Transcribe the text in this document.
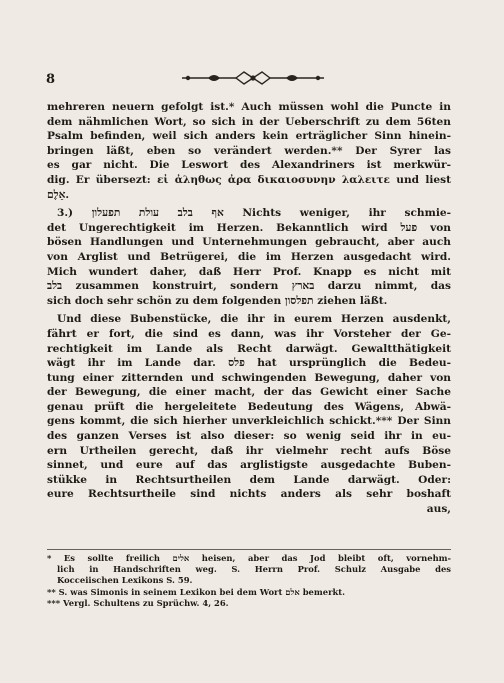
8
mehreren neuern gefolgt ist.* Auch müssen wohl die Puncte in
dem nähmlichen Wort, so sich in der Ueberschrift zu dem 56ten
Psalm befinden, weil sich anders kein erträglicher Sinn hinein-
bringen läßt, eben so verändert werden.** Der Syrer las
es gar nicht. Die Leswort des Alexandriners ist merkwür-
dig. Er übersezt: εἰ ἀληθως ἀρα δικαιοσυνην λαλειτε und liest
אֵלֶם.
3.) אף בלב עולת תפעלון Nichts weniger, ihr schmie-
det Ungerechtigkeit im Herzen. Bekanntlich wird פעל von
bösen Handlungen und Unternehmungen gebraucht, aber auch
von Arglist und Betrügerei, die im Herzen ausgedacht wird.
Mich wundert daher, daß Herr Prof. Knapp es nicht mit
בלב zusammen konstruirt, sondern בארץ darzu nimmt, das
sich doch sehr schön zu dem folgenden תפלסון ziehen läßt.
Und diese Bubenstücke, die ihr in eurem Herzen ausdenkt,
fährt er fort, die sind es dann, was ihr Vorsteher der Ge-
rechtigkeit im Lande als Recht darwägt. Gewaltthätigkeit
wägt ihr im Lande dar. פלס hat ursprünglich die Bedeu-
tung einer zitternden und schwingenden Bewegung, daher von
der Bewegung, die einer macht, der das Gewicht einer Sache
genau prüft die hergeleitete Bedeutung des Wägens, Abwä-
gens kommt, die sich hierher unverkleichlich schickt.*** Der Sinn
des ganzen Verses ist also dieser: so wenig seid ihr in eu-
ern Urtheilen gerecht, daß ihr vielmehr recht aufs Böse
sinnet, und eure auf das arglistigste ausgedachte Buben-
stükke in Rechtsurtheilen dem Lande darwägt. Oder:
eure Rechtsurtheile sind nichts anders als sehr boshaft
aus,
* Es sollte freilich אלים heisen, aber das Jod bleibt oft, vornehm-
lich in Handschriften weg. S. Herrn Prof. Schulz Ausgabe des
Kocceiischen Lexikons S. 59.
** S. was Simonis in seinem Lexikon bei dem Wort אלם bemerkt.
*** Vergl. Schultens zu Sprüchw. 4, 26.
